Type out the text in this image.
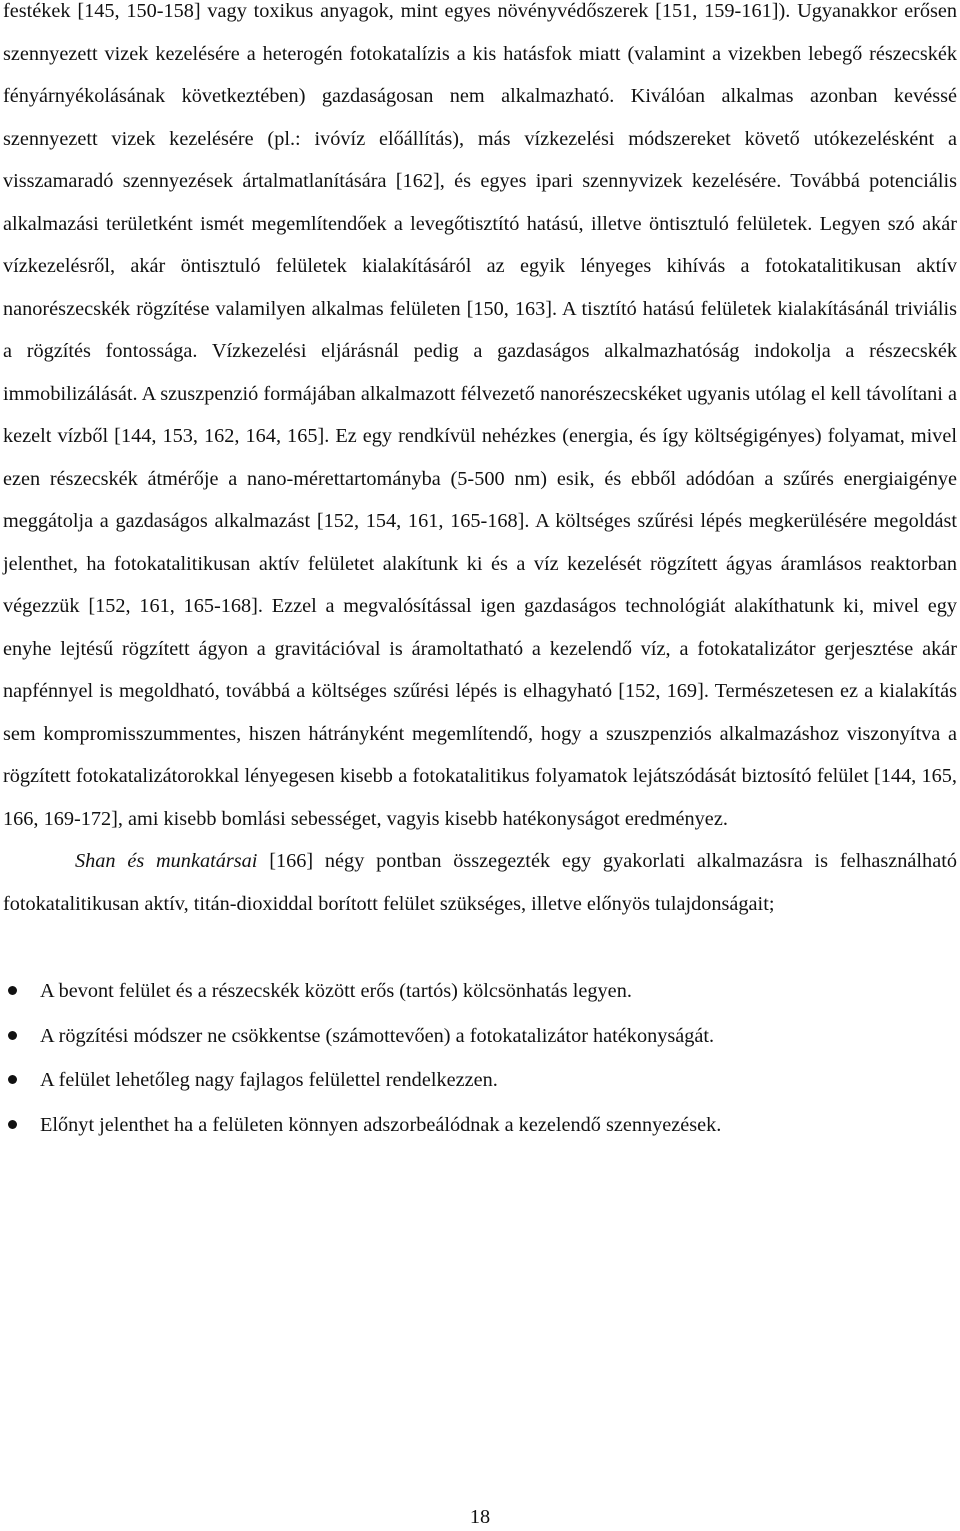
festékek [145, 150-158] vagy toxikus anyagok, mint egyes növényvédőszerek [151, 159-161]). Ugyanakkor erősen szennyezett vizek kezelésére a heterogén fotokatalízis a kis hatásfok miatt (valamint a vizekben lebegő részecskék fényárnyékolásának következtében) gazdaságosan nem alkalmazható. Kiválóan alkalmas azonban kevéssé szennyezett vizek kezelésére (pl.: ivóvíz előállítás), más vízkezelési módszereket követő utókezelésként a visszamaradó szennyezések ártalmatlanítására [162], és egyes ipari szennyvizek kezelésére. Továbbá potenciális alkalmazási területként ismét megemlítendőek a levegőtisztító hatású, illetve öntisztuló felületek. Legyen szó akár vízkezelésről, akár öntisztuló felületek kialakításáról az egyik lényeges kihívás a fotokatalitikusan aktív nanorészecskék rögzítése valamilyen alkalmas felületen [150, 163]. A tisztító hatású felületek kialakításánál triviális a rögzítés fontossága. Vízkezelési eljárásnál pedig a gazdaságos alkalmazhatóság indokolja a részecskék immobilizálását. A szuszpenzió formájában alkalmazott félvezető nanorészecskéket ugyanis utólag el kell távolítani a kezelt vízből [144, 153, 162, 164, 165]. Ez egy rendkívül nehézkes (energia, és így költségigényes) folyamat, mivel ezen részecskék átmérője a nano-mérettartományba (5-500 nm) esik, és ebből adódóan a szűrés energiaigénye meggátolja a gazdaságos alkalmazást [152, 154, 161, 165-168]. A költséges szűrési lépés megkerülésére megoldást jelenthet, ha fotokatalitikusan aktív felületet alakítunk ki és a víz kezelését rögzített ágyas áramlásos reaktorban végezzük [152, 161, 165-168]. Ezzel a megvalósítással igen gazdaságos technológiát alakíthatunk ki, mivel egy enyhe lejtésű rögzített ágyon a gravitációval is áramoltatható a kezelendő víz, a fotokatalizátor gerjesztése akár napfénnyel is megoldható, továbbá a költséges szűrési lépés is elhagyható [152, 169]. Természetesen ez a kialakítás sem kompromisszummentes, hiszen hátrányként megemlítendő, hogy a szuszpenziós alkalmazáshoz viszonyítva a rögzített fotokatalizátorokkal lényegesen kisebb a fotokatalitikus folyamatok lejátszódását biztosító felület [144, 165, 166, 169-172], ami kisebb bomlási sebességet, vagyis kisebb hatékonyságot eredményez.

Shan és munkatársai [166] négy pontban összegezték egy gyakorlati alkalmazásra is felhasználható fotokatalitikusan aktív, titán-dioxiddal borított felület szükséges, illetve előnyös tulajdonságait;

A bevont felület és a részecskék között erős (tartós) kölcsönhatás legyen.
A rögzítési módszer ne csökkentse (számottevően) a fotokatalizátor hatékonyságát.
A felület lehetőleg nagy fajlagos felülettel rendelkezzen.
Előnyt jelenthet ha a felületen könnyen adszorbeálódnak a kezelendő szennyezések.
18
